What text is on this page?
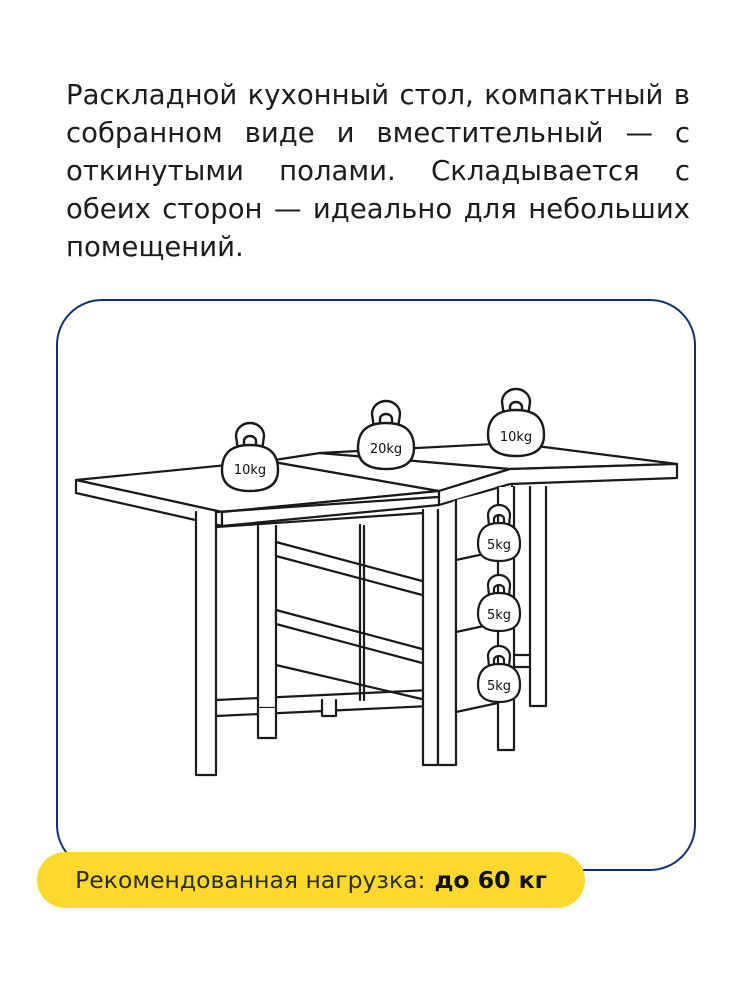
Раскладной кухонный стол, компактный в собранном виде и вместительный — с откинутыми полами. Складывается с обеих сторон — идеально для небольших помещений.

10kg
20kg
10kg
5kg
5kg
5kg
Рекомендованная нагрузка: до 60 кг
